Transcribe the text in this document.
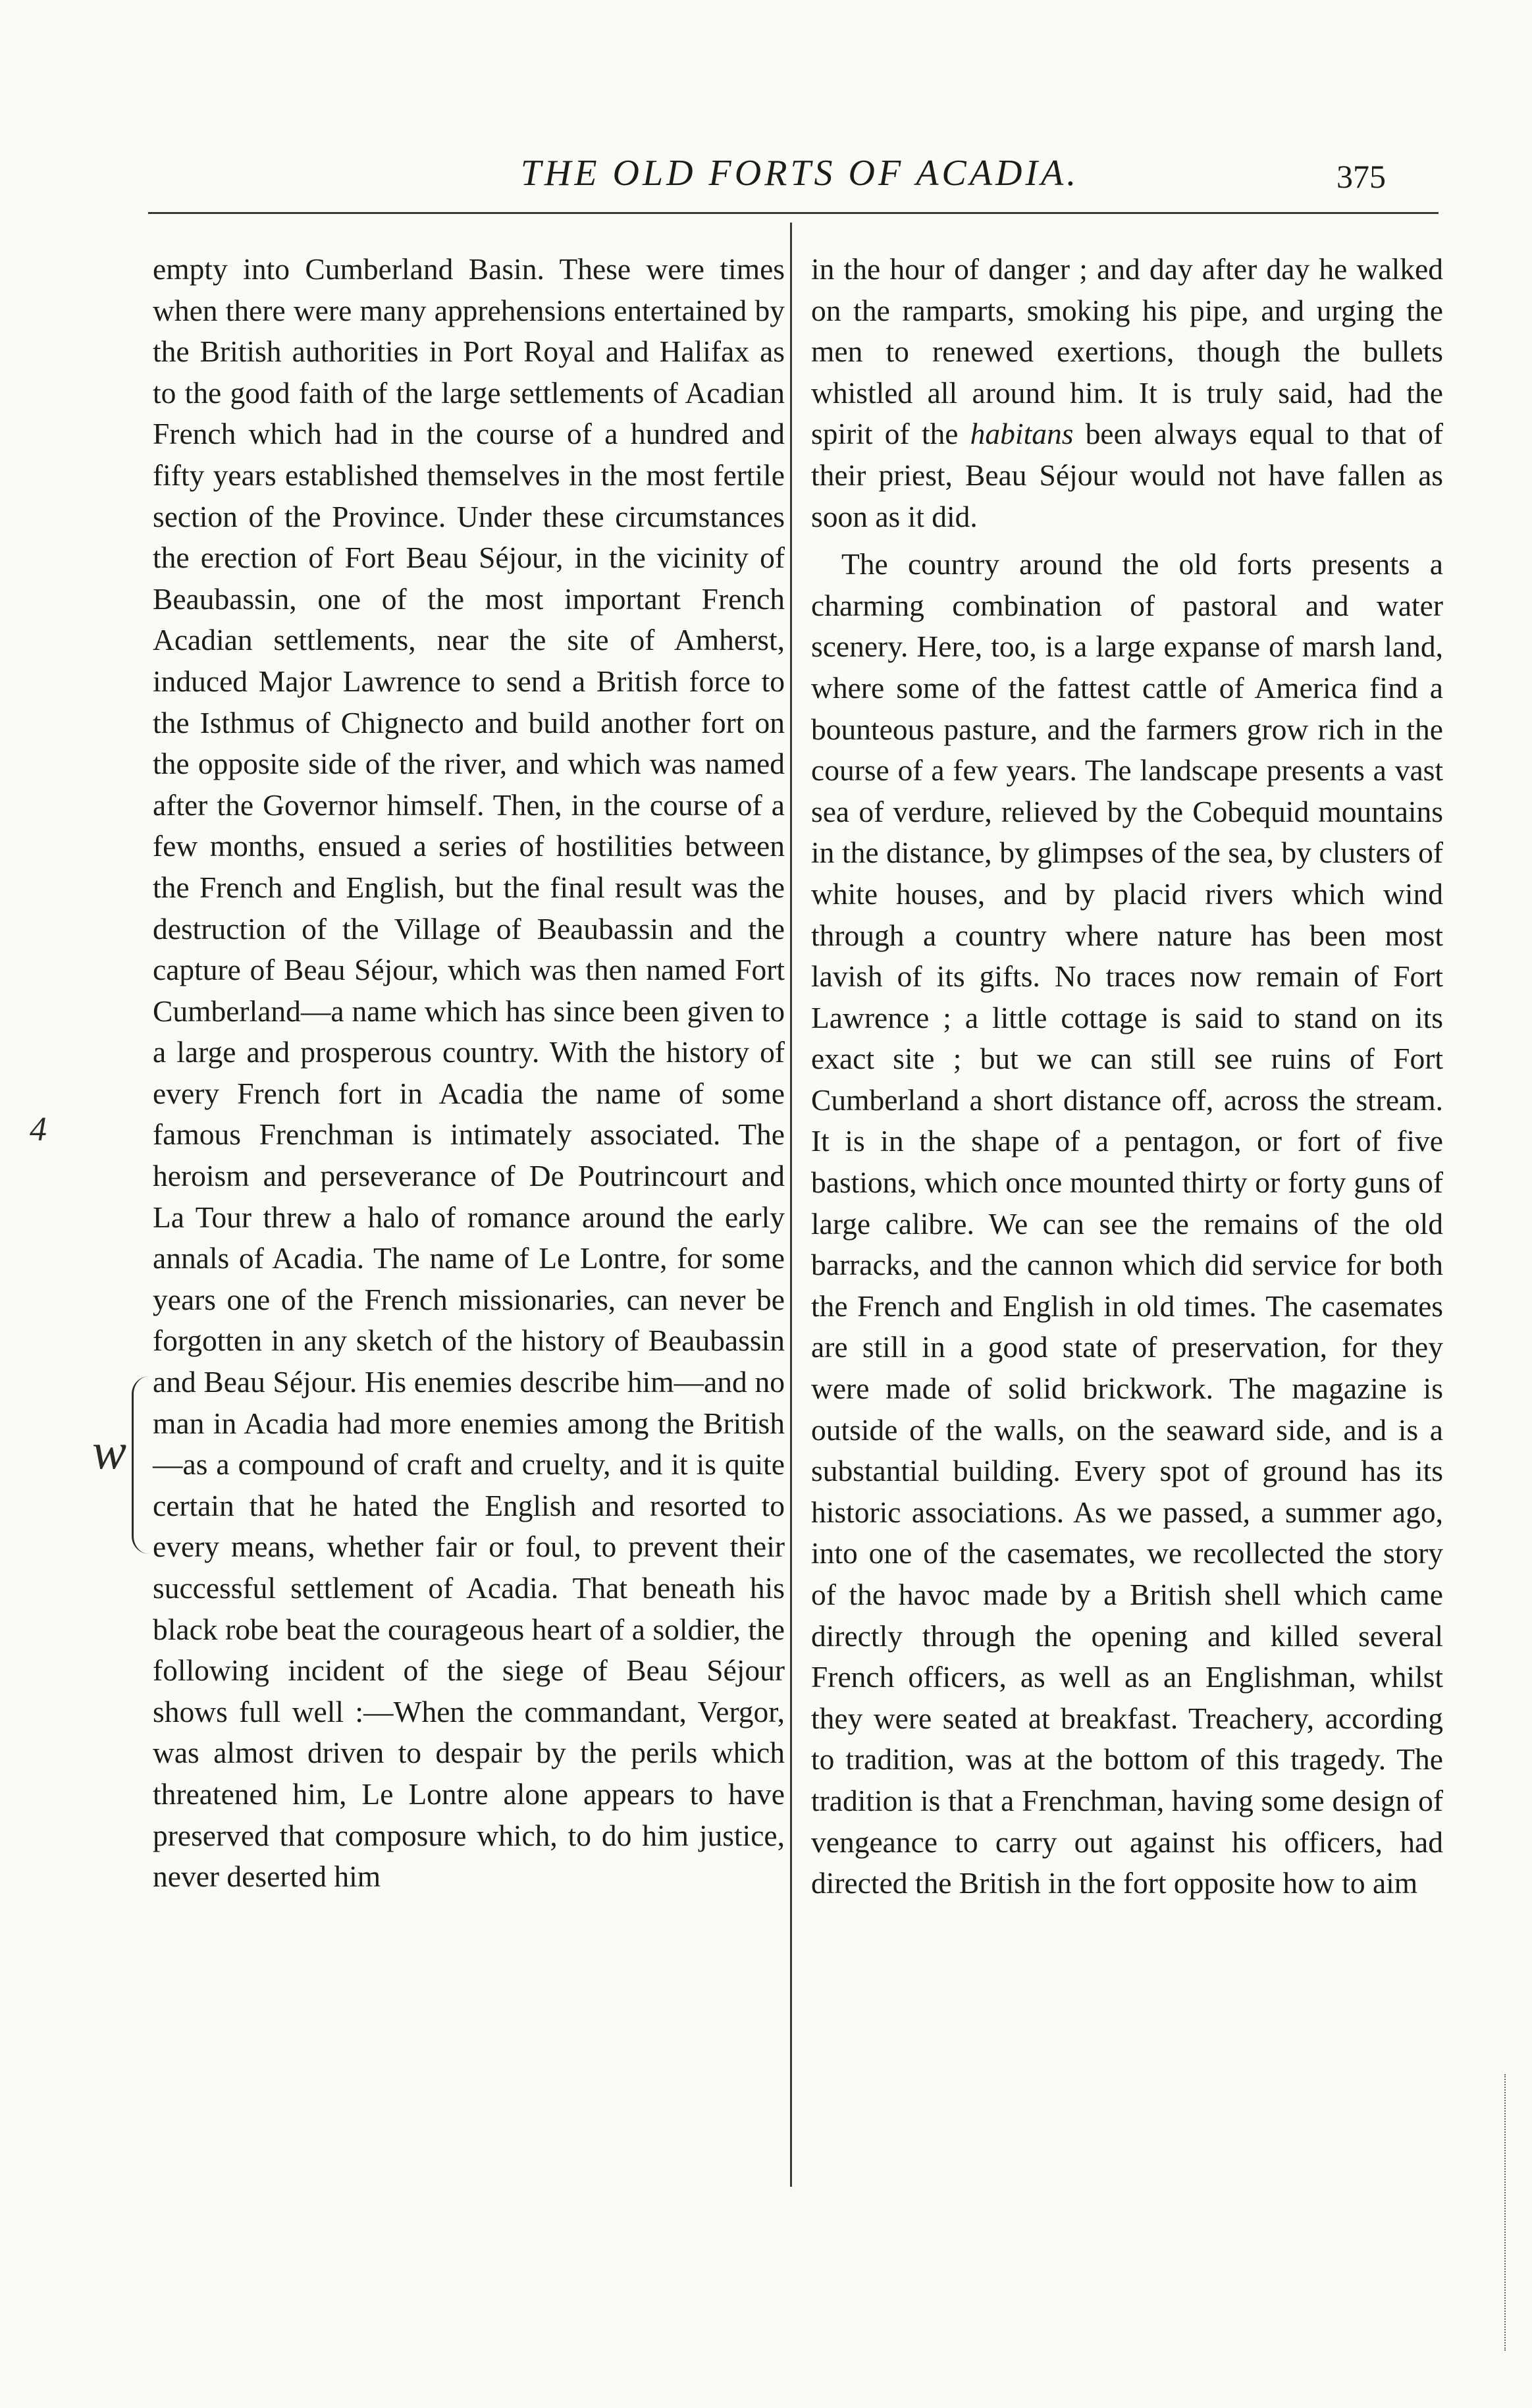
THE OLD FORTS OF ACADIA.	375

empty into Cumberland Basin. These were times when there were many apprehensions entertained by the British authorities in Port Royal and Halifax as to the good faith of the large settlements of Acadian French which had in the course of a hundred and fifty years established themselves in the most fertile section of the Province. Under these circumstances the erection of Fort Beau Séjour, in the vicinity of Beaubassin, one of the most important French Acadian settlements, near the site of Amherst, induced Major Lawrence to send a British force to the Isthmus of Chignecto and build another fort on the opposite side of the river, and which was named after the Governor himself. Then, in the course of a few months, ensued a series of hostilities between the French and English, but the final result was the destruction of the Village of Beaubassin and the capture of Beau Séjour, which was then named Fort Cumberland—a name which has since been given to a large and prosperous country. With the history of every French fort in Acadia the name of some famous Frenchman is intimately associated. The heroism and perseverance of De Poutrincourt and La Tour threw a halo of romance around the early annals of Acadia. The name of Le Lontre, for some years one of the French missionaries, can never be forgotten in any sketch of the history of Beaubassin and Beau Séjour. His enemies describe him—and no man in Acadia had more enemies among the British—as a compound of craft and cruelty, and it is quite certain that he hated the English and resorted to every means, whether fair or foul, to prevent their successful settlement of Acadia. That beneath his black robe beat the courageous heart of a soldier, the following incident of the siege of Beau Séjour shows full well :—When the commandant, Vergor, was almost driven to despair by the perils which threatened him, Le Lontre alone appears to have preserved that composure which, to do him justice, never deserted him

in the hour of danger ; and day after day he walked on the ramparts, smoking his pipe, and urging the men to renewed exertions, though the bullets whistled all around him. It is truly said, had the spirit of the habitans been always equal to that of their priest, Beau Séjour would not have fallen as soon as it did.

The country around the old forts presents a charming combination of pastoral and water scenery. Here, too, is a large expanse of marsh land, where some of the fattest cattle of America find a bounteous pasture, and the farmers grow rich in the course of a few years. The landscape presents a vast sea of verdure, relieved by the Cobequid mountains in the distance, by glimpses of the sea, by clusters of white houses, and by placid rivers which wind through a country where nature has been most lavish of its gifts. No traces now remain of Fort Lawrence ; a little cottage is said to stand on its exact site ; but we can still see ruins of Fort Cumberland a short distance off, across the stream. It is in the shape of a pentagon, or fort of five bastions, which once mounted thirty or forty guns of large calibre. We can see the remains of the old barracks, and the cannon which did service for both the French and English in old times. The casemates are still in a good state of preservation, for they were made of solid brickwork. The magazine is outside of the walls, on the seaward side, and is a substantial building. Every spot of ground has its historic associations. As we passed, a summer ago, into one of the casemates, we recollected the story of the havoc made by a British shell which came directly through the opening and killed several French officers, as well as an Englishman, whilst they were seated at breakfast. Treachery, according to tradition, was at the bottom of this tragedy. The tradition is that a Frenchman, having some design of vengeance to carry out against his officers, had directed the British in the fort opposite how to aim

w
4
